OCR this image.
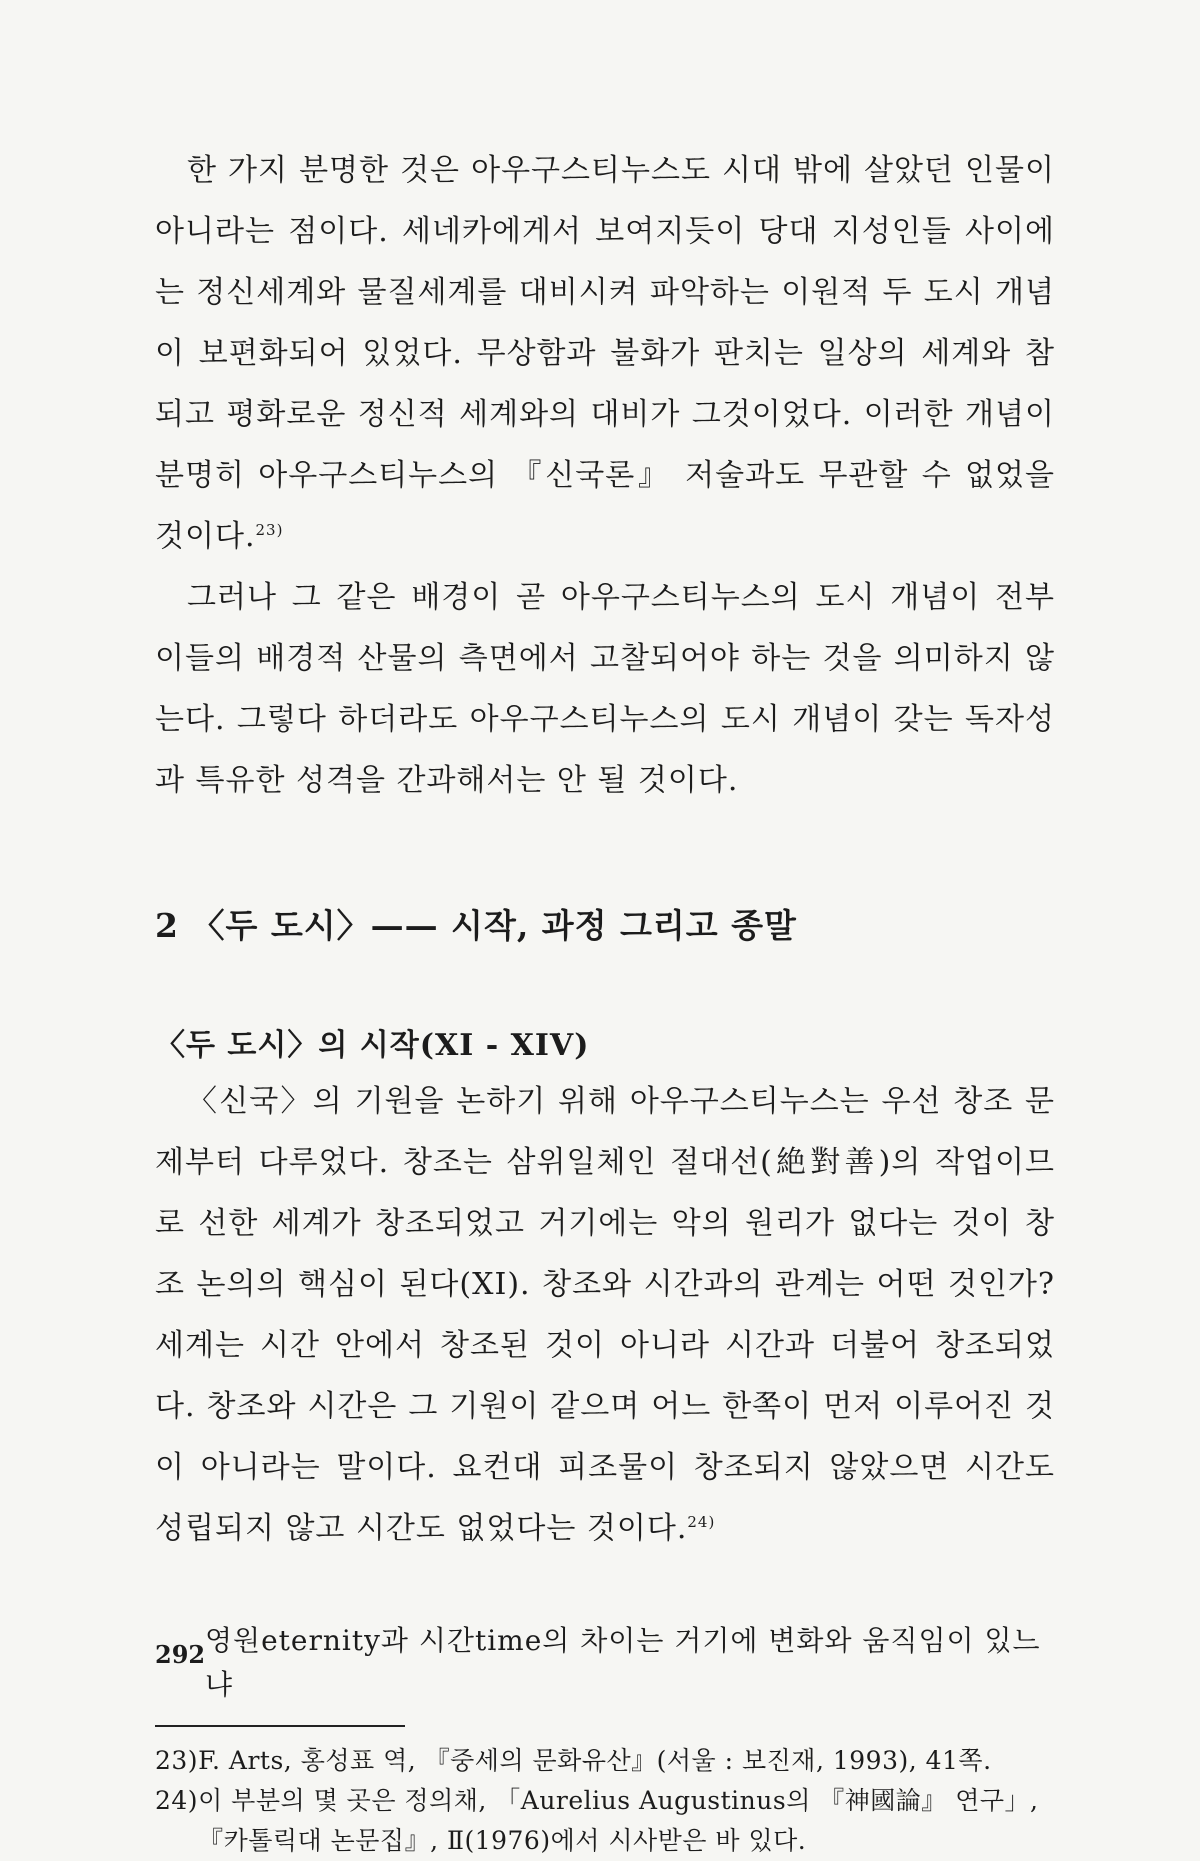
한 가지 분명한 것은 아우구스티누스도 시대 밖에 살았던 인물이 아니라는 점이다. 세네카에게서 보여지듯이 당대 지성인들 사이에는 정신세계와 물질세계를 대비시켜 파악하는 이원적 두 도시 개념이 보편화되어 있었다. 무상함과 불화가 판치는 일상의 세계와 참되고 평화로운 정신적 세계와의 대비가 그것이었다. 이러한 개념이 분명히 아우구스티누스의 『신국론』 저술과도 무관할 수 없었을 것이다.$^{23)}$

그러나 그 같은 배경이 곧 아우구스티누스의 도시 개념이 전부 이들의 배경적 산물의 측면에서 고찰되어야 하는 것을 의미하지 않는다. 그렇다 하더라도 아우구스티누스의 도시 개념이 갖는 독자성과 특유한 성격을 간과해서는 안 될 것이다.

2 〈두 도시〉—— 시작, 과정 그리고 종말
〈두 도시〉의 시작(XI - XIV)

〈신국〉의 기원을 논하기 위해 아우구스티누스는 우선 창조 문제부터 다루었다. 창조는 삼위일체인 절대선(絶對善)의 작업이므로 선한 세계가 창조되었고 거기에는 악의 원리가 없다는 것이 창조 논의의 핵심이 된다(XI). 창조와 시간과의 관계는 어떤 것인가? 세계는 시간 안에서 창조된 것이 아니라 시간과 더불어 창조되었다. 창조와 시간은 그 기원이 같으며 어느 한쪽이 먼저 이루어진 것이 아니라는 말이다. 요컨대 피조물이 창조되지 않았으면 시간도 성립되지 않고 시간도 없었다는 것이다.$^{24)}$

영원eternity과 시간time의 차이는 거기에 변화와 움직임이 있느냐

23) F. Arts, 홍성표 역, 『중세의 문화유산』(서울 : 보진재, 1993), 41쪽.

24) 이 부분의 몇 곳은 정의채, 「Aurelius Augustinus의 『神國論』 연구」, 『카톨릭대 논문집』, Ⅱ(1976)에서 시사받은 바 있다.

292
